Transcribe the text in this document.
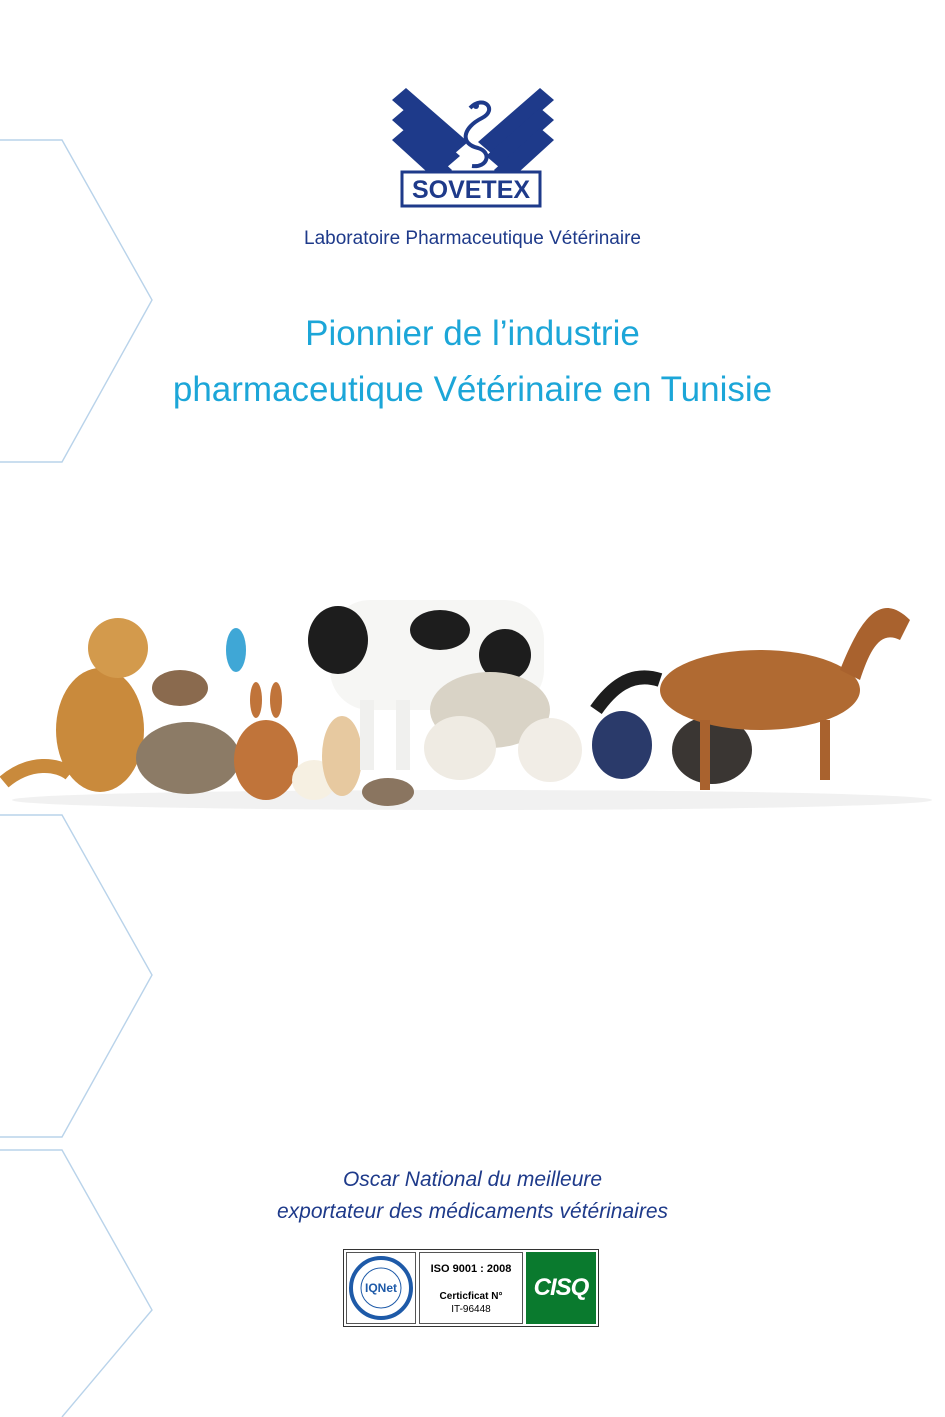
SOVETEX
Laboratoire Pharmaceutique Vétérinaire
Pionnier de l’industrie
pharmaceutique Vétérinaire en Tunisie
Oscar National du meilleure
exportateur des médicaments vétérinaires
IQNet
ISO 9001 : 2008
Certicficat N°
IT-96448
CISQ
